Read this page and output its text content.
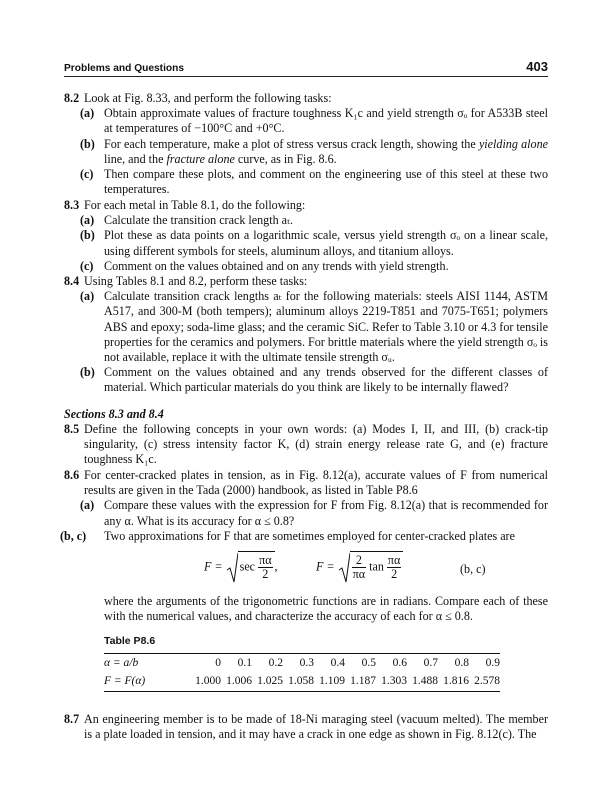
Problems and Questions	403
8.2 Look at Fig. 8.33, and perform the following tasks:
(a) Obtain approximate values of fracture toughness K₁c and yield strength σₒ for A533B steel at temperatures of −100°C and +0°C.
(b) For each temperature, make a plot of stress versus crack length, showing the yielding alone line, and the fracture alone curve, as in Fig. 8.6.
(c) Then compare these plots, and comment on the engineering use of this steel at these two temperatures.
8.3 For each metal in Table 8.1, do the following:
(a) Calculate the transition crack length aₜ.
(b) Plot these as data points on a logarithmic scale, versus yield strength σₒ on a linear scale, using different symbols for steels, aluminum alloys, and titanium alloys.
(c) Comment on the values obtained and on any trends with yield strength.
8.4 Using Tables 8.1 and 8.2, perform these tasks:
(a) Calculate transition crack lengths aₜ for the following materials: steels AISI 1144, ASTM A517, and 300-M (both tempers); aluminum alloys 2219-T851 and 7075-T651; polymers ABS and epoxy; soda-lime glass; and the ceramic SiC. Refer to Table 3.10 or 4.3 for tensile properties for the ceramics and polymers. For brittle materials where the yield strength σₒ is not available, replace it with the ultimate tensile strength σᵤ.
(b) Comment on the values obtained and any trends observed for the different classes of material. Which particular materials do you think are likely to be internally flawed?
Sections 8.3 and 8.4
8.5 Define the following concepts in your own words: (a) Modes I, II, and III, (b) crack-tip singularity, (c) stress intensity factor K, (d) strain energy release rate G, and (e) fracture toughness K₁c.
8.6 For center-cracked plates in tension, as in Fig. 8.12(a), accurate values of F from numerical results are given in the Tada (2000) handbook, as listed in Table P8.6
(a) Compare these values with the expression for F from Fig. 8.12(a) that is recommended for any α. What is its accuracy for α ≤ 0.8?
(b, c) Two approximations for F that are sometimes employed for center-cracked plates are
$F = \sec \frac{\pi\alpha}{2}$ ,	$F = \frac{2}{\pi\alpha}$ $\tan \frac{\pi\alpha}{2}$	(b, c)
where the arguments of the trigonometric functions are in radians. Compare each of these with the numerical values, and characterize the accuracy of each for α ≤ 0.8.
Table P8.6
α = a/b	0	0.1	0.2	0.3	0.4	0.5	0.6	0.7	0.8	0.9
F = F(α)	1.000	1.006	1.025	1.058	1.109	1.187	1.303	1.488	1.816	2.578
8.7 An engineering member is to be made of 18-Ni maraging steel (vacuum melted). The member is a plate loaded in tension, and it may have a crack in one edge as shown in Fig. 8.12(c). The
